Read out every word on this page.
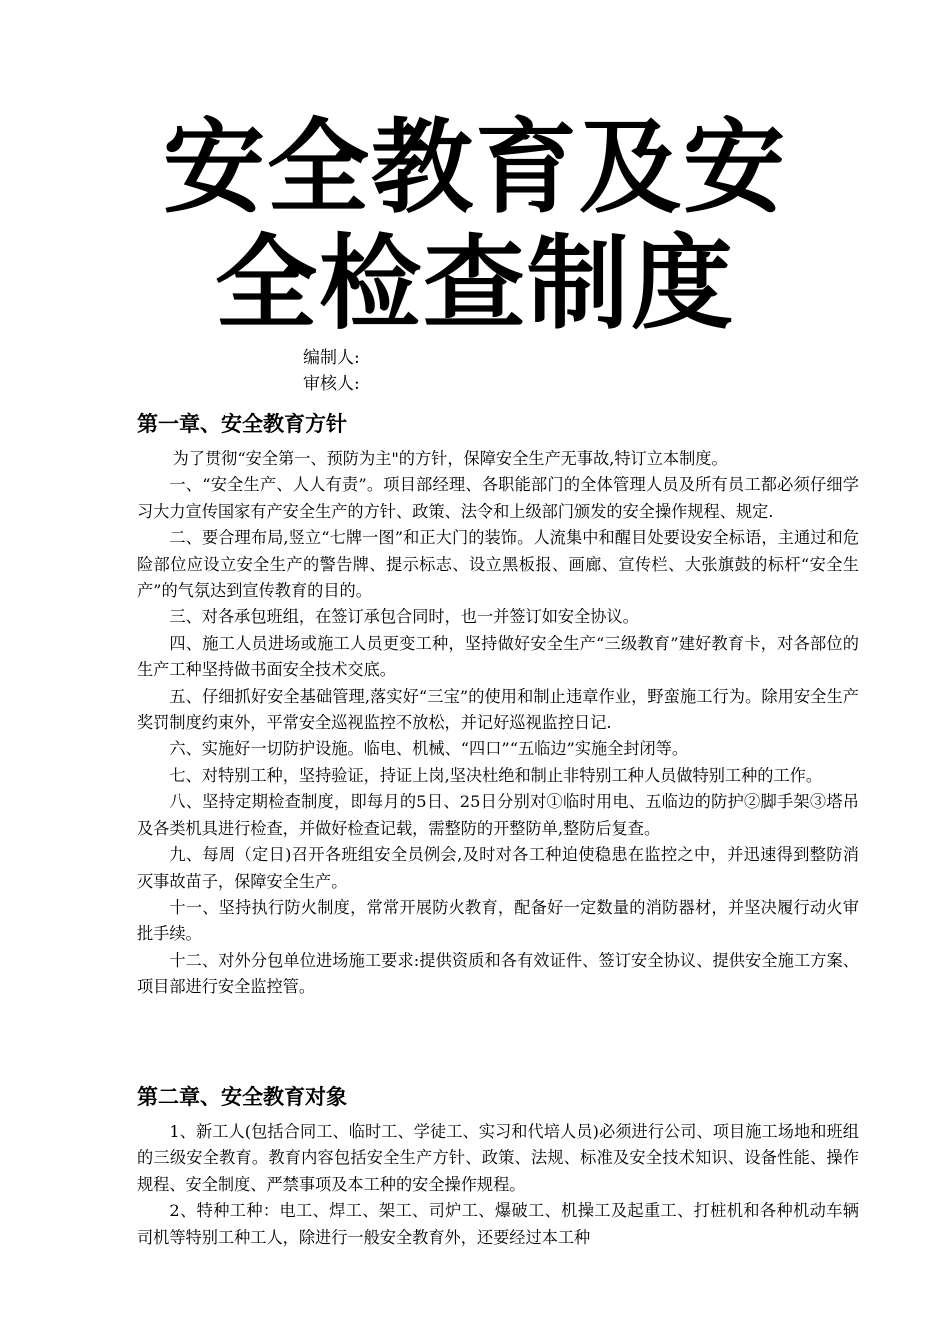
安全教育及安
全检查制度
编制人:
审核人:
第一章、安全教育方针

为了贯彻“安全第一、预防为主"的方针，保障安全生产无事故,特订立本制度。

一、“安全生产、人人有责”。项目部经理、各职能部门的全体管理人员及所有员工都必须仔细学习大力宣传国家有产安全生产的方针、政策、法令和上级部门颁发的安全操作规程、规定.

二、要合理布局,竖立“七牌一图”和正大门的装饰。人流集中和醒目处要设安全标语，主通过和危险部位应设立安全生产的警告牌、提示标志、设立黑板报、画廊、宣传栏、大张旗鼓的标杆“安全生产”的气氛达到宣传教育的目的。

三、对各承包班组，在签订承包合同时，也一并签订如安全协议。

四、施工人员进场或施工人员更变工种，坚持做好安全生产“三级教育”建好教育卡，对各部位的生产工种坚持做书面安全技术交底。

五、仔细抓好安全基础管理,落实好“三宝”的使用和制止违章作业，野蛮施工行为。除用安全生产奖罚制度约束外，平常安全巡视监控不放松，并记好巡视监控日记.

六、实施好一切防护设施。临电、机械、“四口”“五临边”实施全封闭等。

七、对特别工种，坚持验证，持证上岗,坚决杜绝和制止非特别工种人员做特别工种的工作。

八、坚持定期检查制度，即每月的5日、25日分别对①临时用电、五临边的防护②脚手架③塔吊及各类机具进行检查，并做好检查记载，需整防的开整防单,整防后复查。

九、每周（定日)召开各班组安全员例会,及时对各工种迫使稳患在监控之中，并迅速得到整防消灭事故苗子，保障安全生产。

十一、坚持执行防火制度，常常开展防火教育，配备好一定数量的消防器材，并坚决履行动火审批手续。

十二、对外分包单位进场施工要求:提供资质和各有效证件、签订安全协议、提供安全施工方案、项目部进行安全监控管。

第二章、安全教育对象

1、新工人(包括合同工、临时工、学徒工、实习和代培人员)必须进行公司、项目施工场地和班组的三级安全教育。教育内容包括安全生产方针、政策、法规、标准及安全技术知识、设备性能、操作规程、安全制度、严禁事项及本工种的安全操作规程。

2、特种工种：电工、焊工、架工、司炉工、爆破工、机操工及起重工、打桩机和各种机动车辆司机等特别工种工人，除进行一般安全教育外，还要经过本工种
